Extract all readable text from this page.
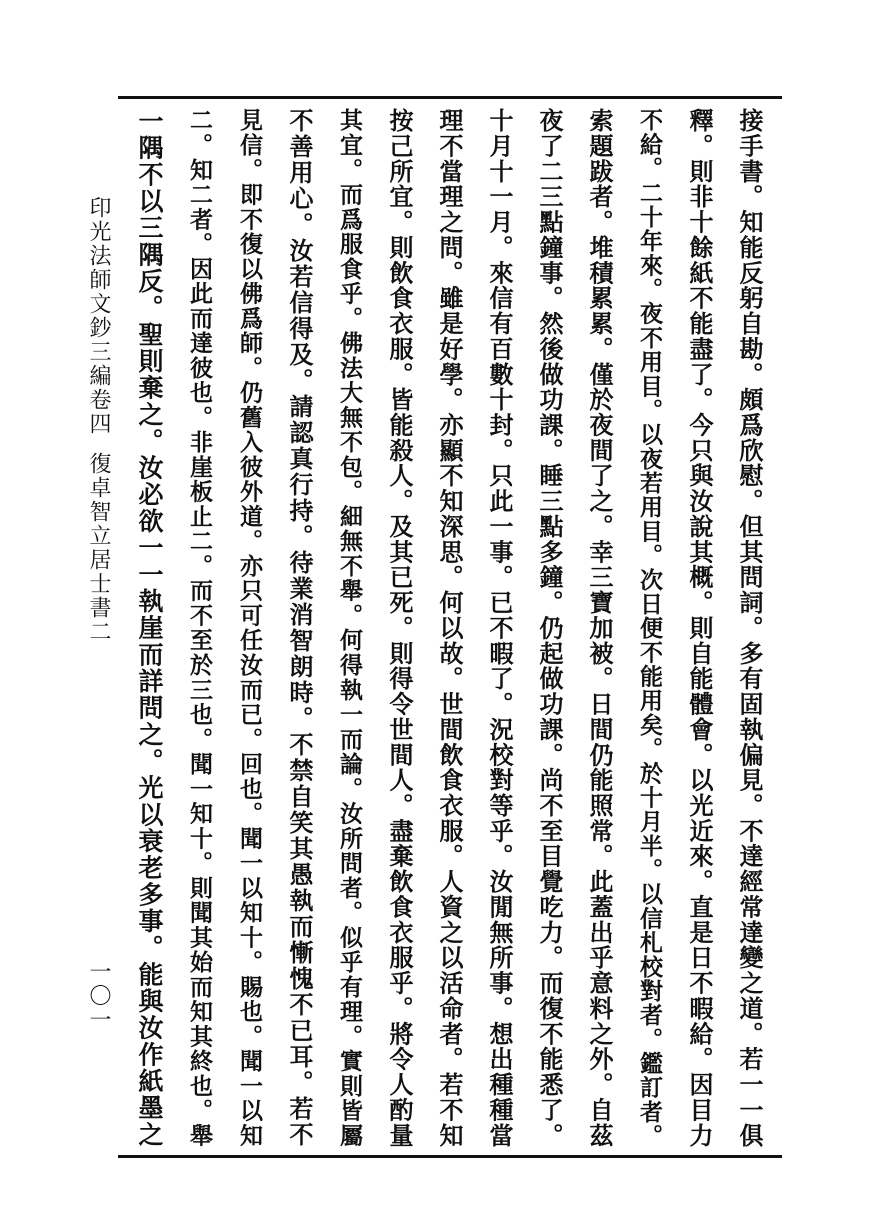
印光法師文鈔三編卷四
復卓智立居士書二
一〇一	接手書。知能反躬自勘。頗爲欣慰。但其問詞。多有固執偏見。不達經常達變之道。若一一俱
釋。則非十餘紙不能盡了。今只與汝說其概。則自能體會。以光近來。直是日不暇給。因目力
不給。二十年來。夜不用目。以夜若用目。次日便不能用矣。於十月半。以信札校對者。鑑訂者。
索題跋者。堆積累累。僅於夜間了之。幸三寶加被。日間仍能照常。此蓋出乎意料之外。自茲
夜了二三點鐘事。然後做功課。睡三點多鐘。仍起做功課。尚不至目覺吃力。而復不能悉了。
十月十一月。來信有百數十封。只此一事。已不暇了。況校對等乎。汝閒無所事。想出種種當
理不當理之問。雖是好學。亦顯不知深思。何以故。世間飲食衣服。人資之以活命者。若不知
按己所宜。則飲食衣服。皆能殺人。及其已死。則得令世間人。盡棄飲食衣服乎。將令人酌量
其宜。而爲服食乎。佛法大無不包。細無不舉。何得執一而論。汝所問者。似乎有理。實則皆屬
不善用心。汝若信得及。請認真行持。待業消智朗時。不禁自笑其愚執而慚愧不已耳。若不
見信。即不復以佛爲師。仍舊入彼外道。亦只可任汝而已。回也。聞一以知十。賜也。聞一以知
二。知二者。因此而達彼也。非崖板止二。而不至於三也。聞一知十。則聞其始而知其終也。舉
一隅不以三隅反。聖則棄之。汝必欲一一執崖而詳問之。光以衰老多事。能與汝作紙墨之
